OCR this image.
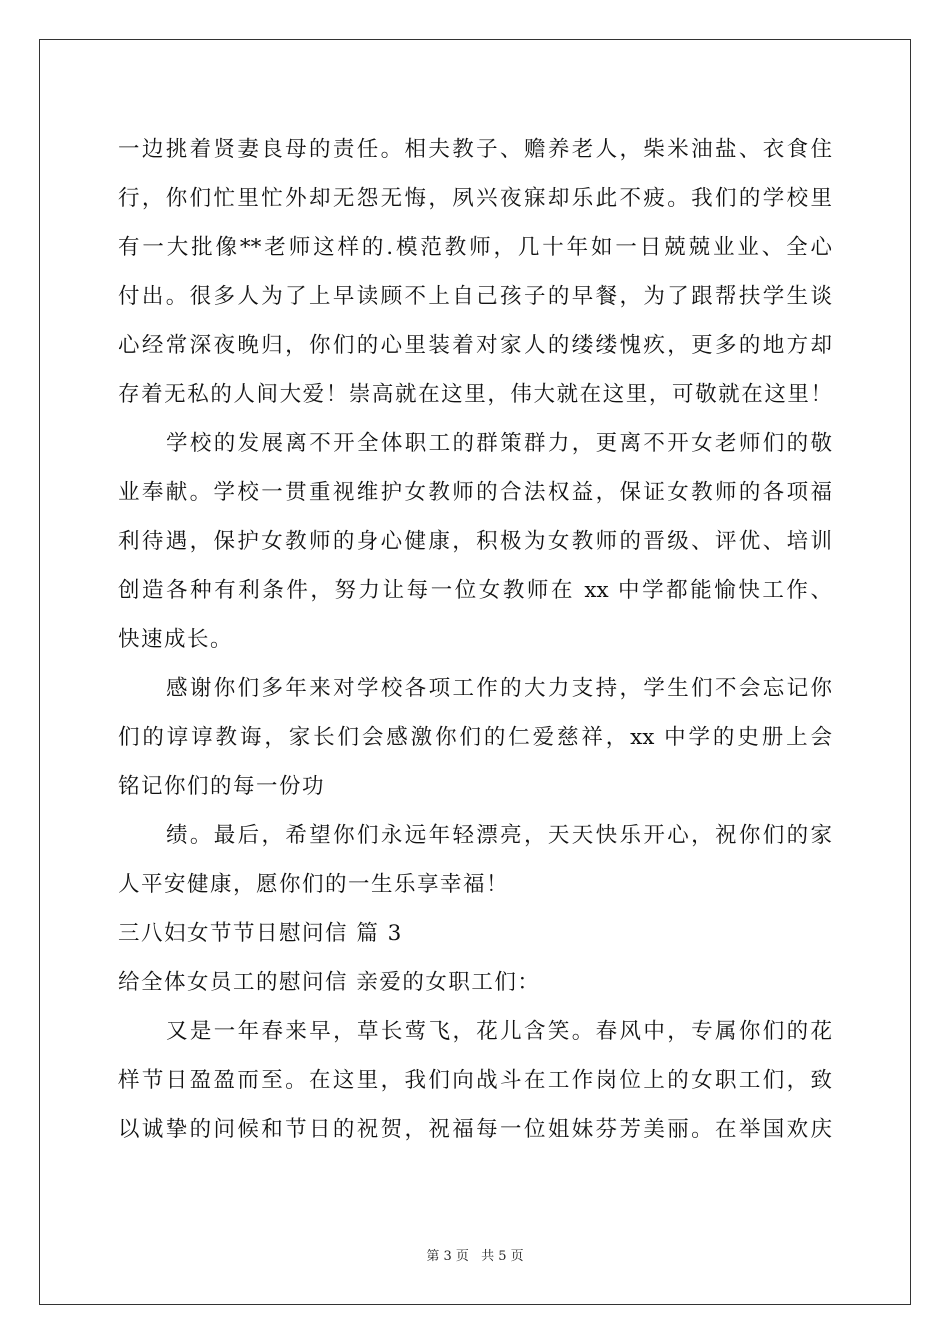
一边挑着贤妻良母的责任。相夫教子、赡养老人，柴米油盐、衣食住
行，你们忙里忙外却无怨无悔，夙兴夜寐却乐此不疲。我们的学校里
有一大批像**老师这样的.模范教师，几十年如一日兢兢业业、全心
付出。很多人为了上早读顾不上自己孩子的早餐，为了跟帮扶学生谈
心经常深夜晚归，你们的心里装着对家人的缕缕愧疚，更多的地方却
存着无私的人间大爱！崇高就在这里，伟大就在这里，可敬就在这里！
学校的发展离不开全体职工的群策群力，更离不开女老师们的敬
业奉献。学校一贯重视维护女教师的合法权益，保证女教师的各项福
利待遇，保护女教师的身心健康，积极为女教师的晋级、评优、培训
创造各种有利条件，努力让每一位女教师在 xx 中学都能愉快工作、
快速成长。
感谢你们多年来对学校各项工作的大力支持，学生们不会忘记你
们的谆谆教诲，家长们会感激你们的仁爱慈祥，xx 中学的史册上会
铭记你们的每一份功
绩。最后，希望你们永远年轻漂亮，天天快乐开心，祝你们的家
人平安健康，愿你们的一生乐享幸福！
三八妇女节节日慰问信 篇 3
给全体女员工的慰问信 亲爱的女职工们：
又是一年春来早，草长莺飞，花儿含笑。春风中，专属你们的花
样节日盈盈而至。在这里，我们向战斗在工作岗位上的女职工们，致
以诚挚的问候和节日的祝贺，祝福每一位姐妹芬芳美丽。在举国欢庆
第 3 页 共 5 页
